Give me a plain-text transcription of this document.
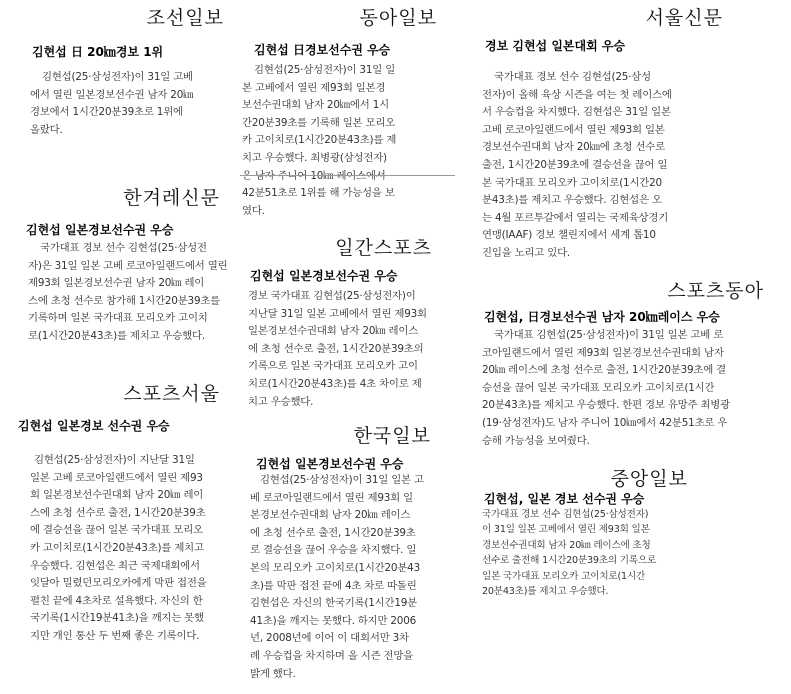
조선일보
김현섭 日 20㎞경보 1위
김현섭(25·삼성전자)이 31일 고베
에서 열린 일본경보선수권 남자 20㎞
경보에서 1시간20분39초로 1위에
올랐다.
동아일보
김현섭 日경보선수권 우승
김현섭(25·삼성전자)이 31일 일
본 고베에서 열린 제93회 일본경
보선수권대회 남자 20㎞에서 1시
간20분39초를 기록해 일본 모리오
카 고이치로(1시간20분43초)를 제
치고 우승했다. 최병광(삼성전자)
42분51초로 1위를 해 가능성을 보
였다.
서울신문
경보 김현섭 일본대회 우승
국가대표 경보 선수 김현섭(25·삼성
전자)이 올해 육상 시즌을 여는 첫 레이스에
서 우승컵을 차지했다. 김현섭은 31일 일본
고베 로코아일랜드에서 열린 제93회 일본
경보선수권대회 남자 20㎞에 초청 선수로
출전, 1시간20분39초에 결승선을 끊어 일
본 국가대표 모리오카 고이치로(1시간20
분43초)를 제치고 우승했다. 김현섭은 오
는 4월 포르투갈에서 열리는 국제육상경기
연맹(IAAF) 경보 챌린지에서 세계 톱10
진입을 노리고 있다.
한겨레신문
김현섭 일본경보선수권 우승
국가대표 경보 선수 김현섭(25·삼성전
자)은 31일 일본 고베 로코아일랜드에서 열린
제93회 일본경보선수권 남자 20㎞ 레이
스에 초청 선수로 참가해 1시간20분39초를
기록하며 일본 국가대표 모리오카 고이치
로(1시간20분43초)를 제치고 우승했다.
일간스포츠
김현섭 일본경보선수권 우승
경보 국가대표 김현섭(25·삼성전자)이
지난달 31일 일본 고베에서 열린 제93회
일본경보선수권대회 남자 20㎞ 레이스
에 초청 선수로 출전, 1시간20분39초의
기록으로 일본 국가대표 모리오카 고이
치로(1시간20분43초)를 4초 차이로 제
치고 우승했다.
스포츠동아
김현섭, 日경보선수권 남자 20㎞레이스 우승
국가대표 김현섭(25·삼성전자)이 31일 일본 고베 로
코아일랜드에서 열린 제93회 일본경보선수권대회 남자
20㎞ 레이스에 초청 선수로 출전, 1시간20분39초에 결
승선을 끊어 일본 국가대표 모리오카 고이치로(1시간
20분43초)를 제치고 우승했다. 한편 경보 유망주 최병광
(19·삼성전자)도 남자 주니어 10㎞에서 42분51초로 우
승해 가능성을 보여줬다.
스포츠서울
김현섭 일본경보 선수권 우승
김현섭(25·삼성전자)이 지난달 31일
일본 고베 로코아일랜드에서 열린 제93
회 일본경보선수권대회 남자 20㎞ 레이
스에 초청 선수로 출전, 1시간20분39초
에 결승선을 끊어 일본 국가대표 모리오
카 고이치로(1시간20분43초)를 제치고
우승했다. 김현섭은 최근 국제대회에서
잇달아 밀렸던모리오카에게 막판 접전을
펼친 끝에 4초차로 설욕했다. 자신의 한
국기록(1시간19분41초)을 깨지는 못했
지만 개인 통산 두 번째 좋은 기록이다.
한국일보
김현섭 일본경보선수권 우승
김현섭(25·삼성전자)이 31일 일본 고
베 로코아일랜드에서 열린 제93회 일
본경보선수권대회 남자 20㎞ 레이스
에 초청 선수로 출전, 1시간20분39초
로 결승선을 끊어 우승을 차지했다. 일
본의 모리오카 고이치로(1시간20분43
초)를 막판 접전 끝에 4초 차로 따돌린
김현섭은 자신의 한국기록(1시간19분
41초)을 깨지는 못했다. 하지만 2006
년, 2008년에 이어 이 대회서만 3차
례 우승컵을 차지하며 올 시즌 전망을
밝게 했다.
중앙일보
김현섭, 일본 경보 선수권 우승
국가대표 경보 선수 김현섭(25·삼성전자)
이 31일 일본 고베에서 열린 제93회 일본
경보선수권대회 남자 20㎞ 레이스에 초청
선수로 출전해 1시간20분39초의 기록으로
일본 국가대표 모리오카 고이치로(1시간
20분43초)를 제치고 우승했다.
